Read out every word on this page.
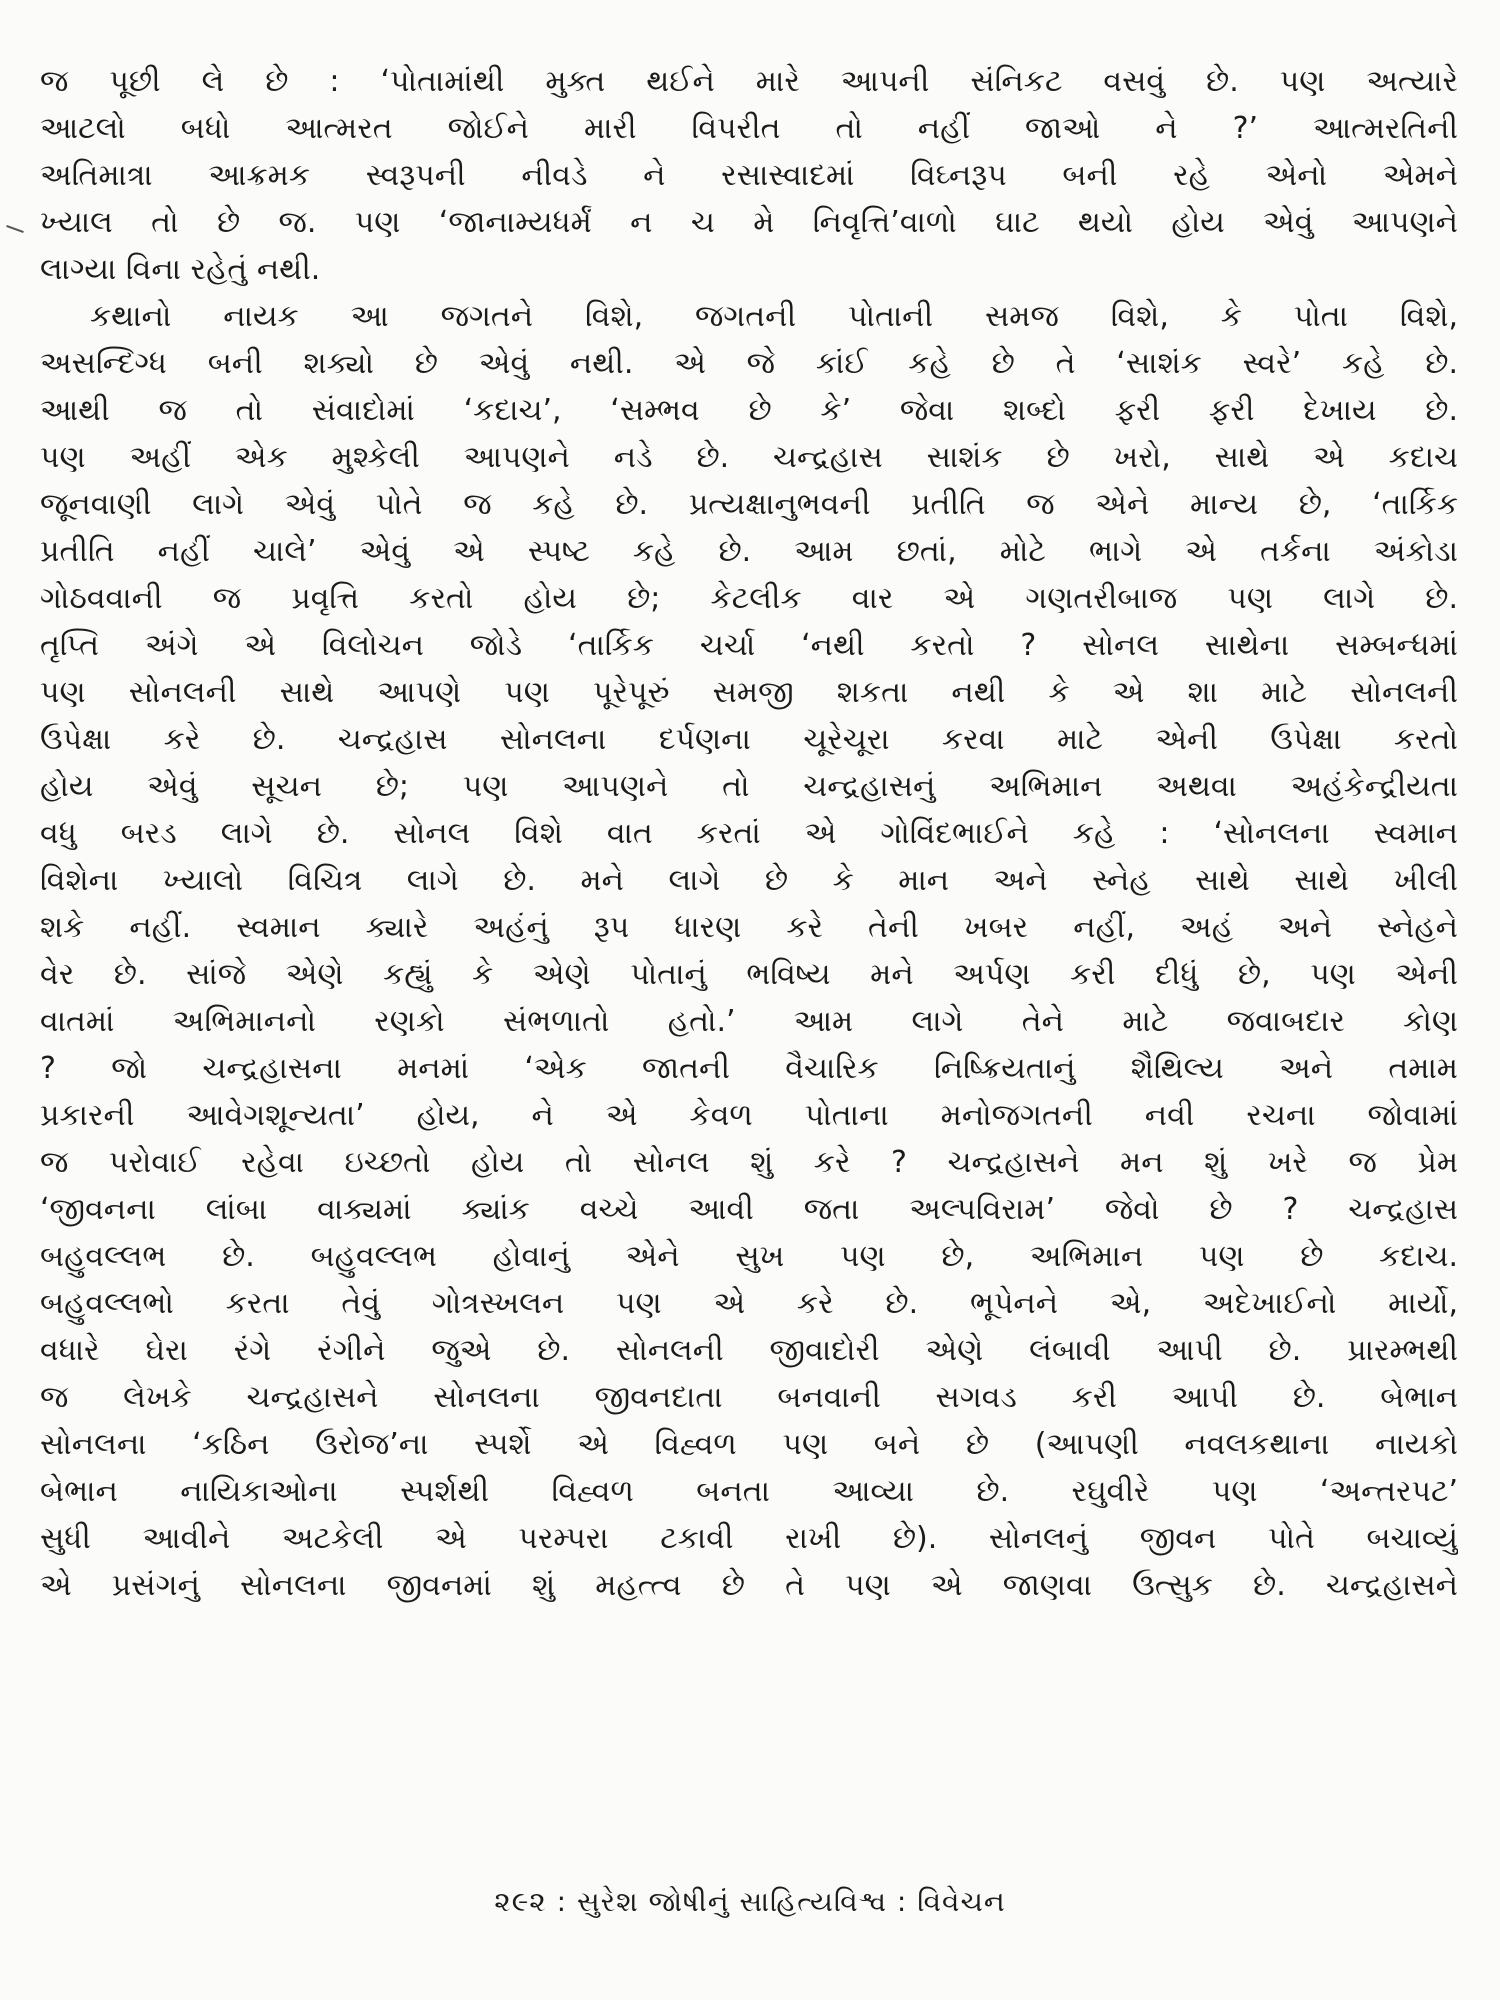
જ પૂછી લે છે : ‘પોતામાંથી મુક્ત થઈને મારે આપની સંનિકટ વસવું છે. પણ અત્યારે
આટલો બધો આત્મરત જોઈને મારી વિપરીત તો નહીં જાઓ ને ?’ આત્મરતિની
અતિમાત્રા આક્રમક સ્વરૂપની નીવડે ને રસાસ્વાદમાં વિઘ્નરૂપ બની રહે એનો એમને
ખ્યાલ તો છે જ. પણ ‘જાનામ્યધર્મં ન ચ મે નિવૃત્તિ’વાળો ઘાટ થયો હોય એવું આપણને
લાગ્યા વિના રહેતું નથી.
કથાનો નાયક આ જગતને વિશે, જગતની પોતાની સમજ વિશે, કે પોતા વિશે,
અસન્દિગ્ધ બની શક્યો છે એવું નથી. એ જે કાંઈ કહે છે તે ‘સાશંક સ્વરે’ કહે છે.
આથી જ તો સંવાદોમાં ‘કદાચ’, ‘સમ્ભવ છે કે’ જેવા શબ્દો ફરી ફરી દેખાય છે.
પણ અહીં એક મુશ્કેલી આપણને નડે છે. ચન્દ્રહાસ સાશંક છે ખરો, સાથે એ કદાચ
જૂનવાણી લાગે એવું પોતે જ કહે છે. પ્રત્યક્ષાનુભવની પ્રતીતિ જ એને માન્ય છે, ‘તાર્કિક
પ્રતીતિ નહીં ચાલે’ એવું એ સ્પષ્ટ કહે છે. આમ છતાં, મોટે ભાગે એ તર્કના અંકોડા
ગોઠવવાની જ પ્રવૃત્તિ કરતો હોય છે; કેટલીક વાર એ ગણતરીબાજ પણ લાગે છે.
તૃપ્તિ અંગે એ વિલોચન જોડે ‘તાર્કિક ચર્ચા ‘નથી કરતો ? સોનલ સાથેના સમ્બન્ધમાં
પણ સોનલની સાથે આપણે પણ પૂરેપૂરું સમજી શકતા નથી કે એ શા માટે સોનલની
ઉપેક્ષા કરે છે. ચન્દ્રહાસ સોનલના દર્પણના ચૂરેચૂરા કરવા માટે એની ઉપેક્ષા કરતો
હોય એવું સૂચન છે; પણ આપણને તો ચન્દ્રહાસનું અભિમાન અથવા અહંકેન્દ્રીયતા
વધુ બરડ લાગે છે. સોનલ વિશે વાત કરતાં એ ગોવિંદભાઈને કહે : ‘સોનલના સ્વમાન
વિશેના ખ્યાલો વિચિત્ર લાગે છે. મને લાગે છે કે માન અને સ્નેહ સાથે સાથે ખીલી
શકે નહીં. સ્વમાન ક્યારે અહંનું રૂપ ધારણ કરે તેની ખબર નહીં, અહં અને સ્નેહને
વેર છે. સાંજે એણે કહ્યું કે એણે પોતાનું ભવિષ્ય મને અર્પણ કરી દીધું છે, પણ એની
વાતમાં અભિમાનનો રણકો સંભળાતો હતો.’ આમ લાગે તેને માટે જવાબદાર કોણ
? જો ચન્દ્રહાસના મનમાં ‘એક જાતની વૈચારિક નિષ્ક્રિયતાનું શૈથિલ્ય અને તમામ
પ્રકારની આવેગશૂન્યતા’ હોય, ને એ કેવળ પોતાના મનોજગતની નવી રચના જોવામાં
જ પરોવાઈ રહેવા ઇચ્છતો હોય તો સોનલ શું કરે ? ચન્દ્રહાસને મન શું ખરે જ પ્રેમ
‘જીવનના લાંબા વાક્યમાં ક્યાંક વચ્ચે આવી જતા અલ્પવિરામ’ જેવો છે ? ચન્દ્રહાસ
બહુવલ્લભ છે. બહુવલ્લભ હોવાનું એને સુખ પણ છે, અભિમાન પણ છે કદાચ.
બહુવલ્લભો કરતા તેવું ગોત્રસ્ખલન પણ એ કરે છે. ભૂપેનને એ, અદેખાઈનો માર્યો,
વધારે ઘેરા રંગે રંગીને જુએ છે. સોનલની જીવાદોરી એણે લંબાવી આપી છે. પ્રારમ્ભથી
જ લેખકે ચન્દ્રહાસને સોનલના જીવનદાતા બનવાની સગવડ કરી આપી છે. બેભાન
સોનલના ‘કઠિન ઉરોજ’ના સ્પર્શે એ વિહ્વળ પણ બને છે (આપણી નવલકથાના નાયકો
બેભાન નાયિકાઓના સ્પર્શથી વિહ્વળ બનતા આવ્યા છે. રઘુવીરે પણ ‘અન્તરપટ’
સુધી આવીને અટકેલી એ પરમ્પરા ટકાવી રાખી છે). સોનલનું જીવન પોતે બચાવ્યું
એ પ્રસંગનું સોનલના જીવનમાં શું મહત્ત્વ છે તે પણ એ જાણવા ઉત્સુક છે. ચન્દ્રહાસને
૨૯૨ : સુરેશ જોષીનું સાહિત્યવિશ્વ : વિવેચન
